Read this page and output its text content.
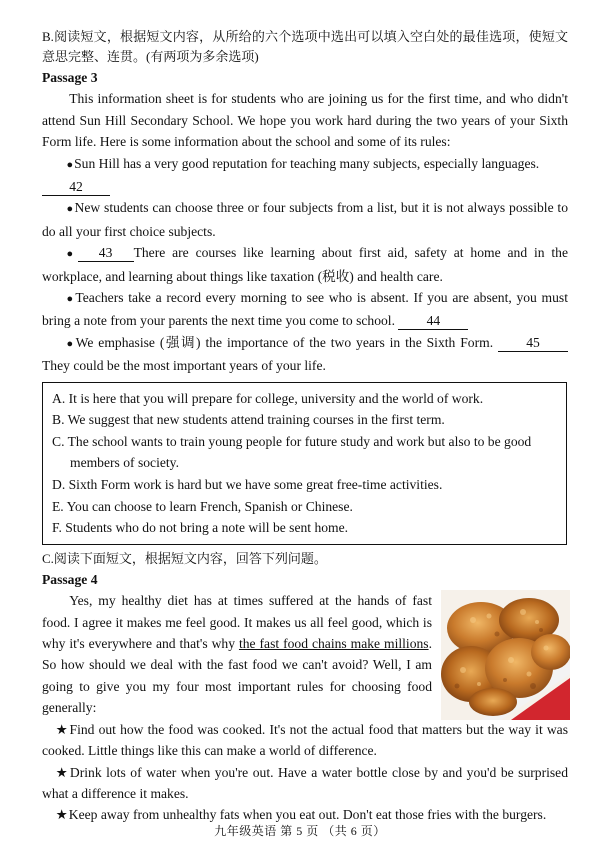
B.阅读短文，根据短文内容，从所给的六个选项中选出可以填入空白处的最佳选项，使短文意思完整、连贯。(有两项为多余选项)

Passage 3

This information sheet is for students who are joining us for the first time, and who didn't attend Sun Hill Secondary School. We hope you work hard during the two years of your Sixth Form life. Here is some information about the school and some of its rules:

●Sun Hill has a very good reputation for teaching many subjects, especially languages.

42

●New students can choose three or four subjects from a list, but it is not always possible to do all your first choice subjects.

● 43 There are courses like learning about first aid, safety at home and in the workplace, and learning about things like taxation (税收) and health care.

●Teachers take a record every morning to see who is absent. If you are absent, you must bring a note from your parents the next time you come to school. 44

●We emphasise (强调) the importance of the two years in the Sixth Form. 45 They could be the most important years of your life.

A. It is here that you will prepare for college, university and the world of work.

B. We suggest that new students attend training courses in the first term.

C. The school wants to train young people for future study and work but also to be good members of society.

D. Sixth Form work is hard but we have some great free-time activities.

E. You can choose to learn French, Spanish or Chinese.

F. Students who do not bring a note will be sent home.

C.阅读下面短文，根据短文内容，回答下列问题。

Passage 4

Yes, my healthy diet has at times suffered at the hands of fast food. I agree it makes me feel good. It makes us all feel good, which is why it's everywhere and that's why the fast food chains make millions. So how should we deal with the fast food we can't avoid? Well, I am going to give you my four most important rules for choosing food generally:

★Find out how the food was cooked. It's not the actual food that matters but the way it was cooked. Little things like this can make a world of difference.

★Drink lots of water when you're out. Have a water bottle close by and you'd be surprised what a difference it makes.

★Keep away from unhealthy fats when you eat out. Don't eat those fries with the burgers.

九年级英语 第 5 页 （共 6 页）
